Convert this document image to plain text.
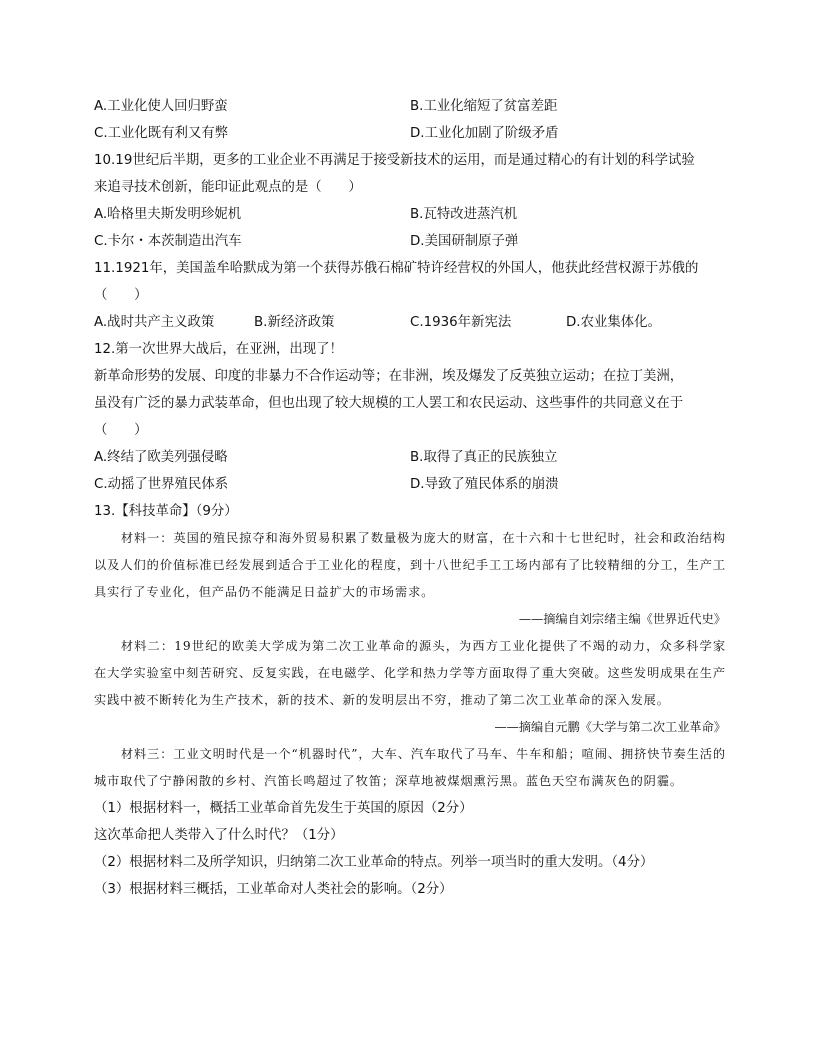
A.工业化使人回归野蛮	B.工业化缩短了贫富差距
C.工业化既有利又有弊	D.工业化加剧了阶级矛盾
10.19世纪后半期，更多的工业企业不再满足于接受新技术的运用，而是通过精心的有计划的科学试验
来追寻技术创新，能印证此观点的是（　　）
A.哈格里夫斯发明珍妮机	B.瓦特改进蒸汽机
C.卡尔・本茨制造出汽车	D.美国研制原子弹
11.1921年，美国盖牟哈默成为第一个获得苏俄石棉矿特许经营权的外国人，他获此经营权源于苏俄的
（　　）
A.战时共产主义政策	B.新经济政策	C.1936年新宪法	D.农业集体化。
12.第一次世界大战后，在亚洲，出现了！
新革命形势的发展、印度的非暴力不合作运动等；在非洲，埃及爆发了反英独立运动；在拉丁美洲，
虽没有广泛的暴力武装革命，但也出现了较大规模的工人罢工和农民运动、这些事件的共同意义在于
（　　）
A.终结了欧美列强侵略	B.取得了真正的民族独立
C.动摇了世界殖民体系	D.导致了殖民体系的崩溃
13.【科技革命】（9分）

材料一：英国的殖民掠夺和海外贸易积累了数量极为庞大的财富，在十六和十七世纪时，社会和政治结构以及人们的价值标准已经发展到适合于工业化的程度，到十八世纪手工工场内部有了比较精细的分工，生产工具实行了专业化，但产品仍不能满足日益扩大的市场需求。

——摘编自刘宗绪主编《世界近代史》

材料二：19世纪的欧美大学成为第二次工业革命的源头，为西方工业化提供了不竭的动力，众多科学家在大学实验室中刻苦研究、反复实践，在电磁学、化学和热力学等方面取得了重大突破。这些发明成果在生产实践中被不断转化为生产技术，新的技术、新的发明层出不穷，推动了第二次工业革命的深入发展。

——摘编自元鹏《大学与第二次工业革命》

材料三：工业文明时代是一个“机器时代”，大车、汽车取代了马车、牛车和船；喧闹、拥挤快节奏生活的城市取代了宁静闲散的乡村、汽笛长鸣超过了牧笛；深草地被煤烟熏污黑。蓝色天空布满灰色的阴霾。

（1）根据材料一，概括工业革命首先发生于英国的原因（2分）
这次革命把人类带入了什么时代？（1分）
（2）根据材料二及所学知识，归纳第二次工业革命的特点。列举一项当时的重大发明。（4分）
（3）根据材料三概括，工业革命对人类社会的影响。（2分）
